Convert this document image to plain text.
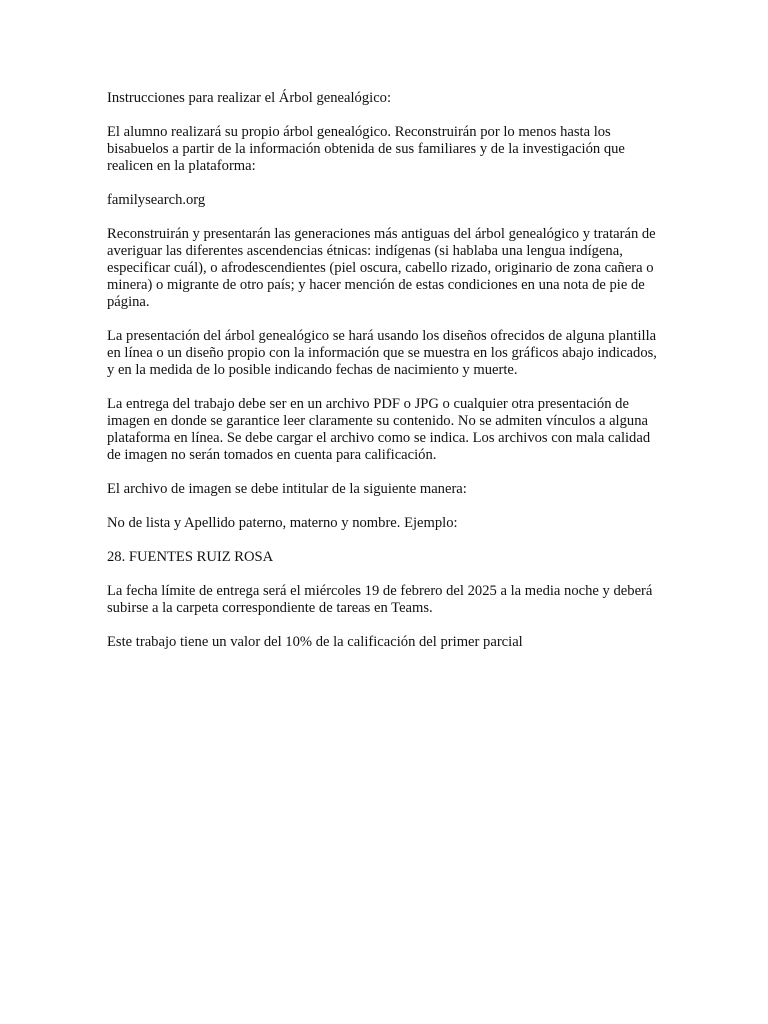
Instrucciones para realizar el Árbol genealógico:

El alumno realizará su propio árbol genealógico. Reconstruirán por lo menos hasta los bisabuelos a partir de la información obtenida de sus familiares y de la investigación que realicen en la plataforma:

familysearch.org

Reconstruirán y presentarán las generaciones más antiguas del árbol genealógico y tratarán de averiguar las diferentes ascendencias étnicas: indígenas (si hablaba una lengua indígena, especificar cuál), o afrodescendientes (piel oscura, cabello rizado, originario de zona cañera o minera) o migrante de otro país; y hacer mención de estas condiciones en una nota de pie de página.

La presentación del árbol genealógico se hará usando los diseños ofrecidos de alguna plantilla en línea o un diseño propio con la información que se muestra en los gráficos abajo indicados, y en la medida de lo posible indicando fechas de nacimiento y muerte.

La entrega del trabajo debe ser en un archivo PDF o JPG o cualquier otra presentación de imagen en donde se garantice leer claramente su contenido. No se admiten vínculos a alguna plataforma en línea. Se debe cargar el archivo como se indica. Los archivos con mala calidad de imagen no serán tomados en cuenta para calificación.

El archivo de imagen se debe intitular de la siguiente manera:

No de lista y Apellido paterno, materno y nombre. Ejemplo:

28. FUENTES RUIZ ROSA

La fecha límite de entrega será el miércoles 19 de febrero del 2025 a la media noche y deberá subirse a la carpeta correspondiente de tareas en Teams.

Este trabajo tiene un valor del 10% de la calificación del primer parcial
